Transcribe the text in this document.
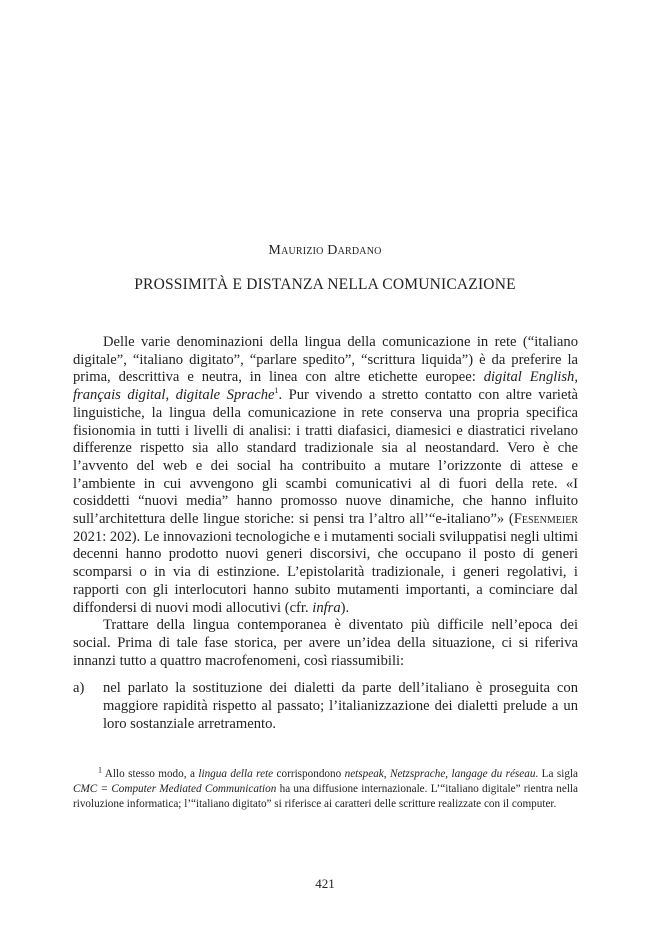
Maurizio Dardano
PROSSIMITÀ E DISTANZA NELLA COMUNICAZIONE

Delle varie denominazioni della lingua della comunicazione in rete (“italiano digitale”, “italiano digitato”, “parlare spedito”, “scrittura liquida”) è da preferire la prima, descrittiva e neutra, in linea con altre etichette europee: digital English, français digital, digitale Sprache$^1$. Pur vivendo a stretto contatto con altre varietà linguistiche, la lingua della comunicazione in rete conserva una propria specifica fisionomia in tutti i livelli di analisi: i tratti diafasici, diamesici e diastratici rivelano differenze rispetto sia allo standard tradizionale sia al neostandard. Vero è che l’avvento del web e dei social ha contribuito a mutare l’orizzonte di attese e l’ambiente in cui avvengono gli scambi comunicativi al di fuori della rete. «I cosiddetti “nuovi media” hanno promosso nuove dinamiche, che hanno influito sull’architettura delle lingue storiche: si pensi tra l’altro all’“e-italiano”» (Fesenmeier 2021: 202). Le innovazioni tecnologiche e i mutamenti sociali sviluppatisi negli ultimi decenni hanno prodotto nuovi generi discorsivi, che occupano il posto di generi scomparsi o in via di estinzione. L’epistolarità tradizionale, i generi regolativi, i rapporti con gli interlocutori hanno subito mutamenti importanti, a cominciare dal diffondersi di nuovi modi allocutivi (cfr. infra).

Trattare della lingua contemporanea è diventato più difficile nell’epoca dei social. Prima di tale fase storica, per avere un’idea della situazione, ci si riferiva innanzi tutto a quattro macrofenomeni, così riassumibili:

a) nel parlato la sostituzione dei dialetti da parte dell’italiano è proseguita con maggiore rapidità rispetto al passato; l’italianizzazione dei dialetti prelude a un loro sostanziale arretramento.

$^1$ Allo stesso modo, a lingua della rete corrispondono netspeak, Netzsprache, langage du réseau. La sigla CMC = Computer Mediated Communication ha una diffusione internazionale. L’“italiano digitale” rientra nella rivoluzione informatica; l’“italiano digitato” si riferisce ai caratteri delle scritture realizzate con il computer.

421
